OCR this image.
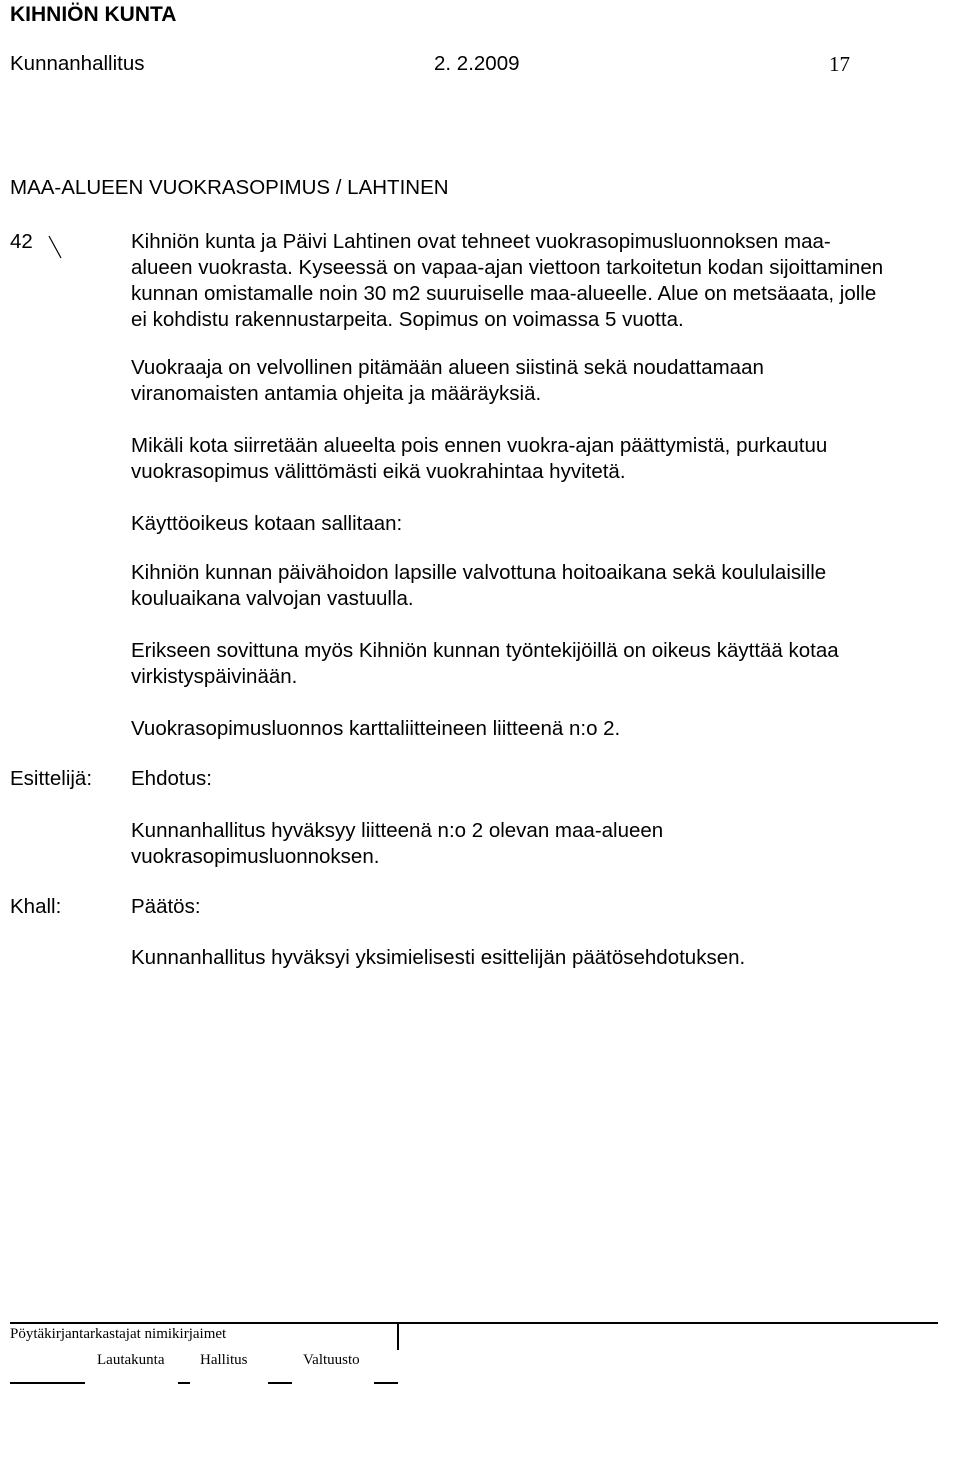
KIHNIÖN KUNTA
Kunnanhallitus	2. 2.2009	17
MAA-ALUEEN VUOKRASOPIMUS / LAHTINEN
42	Kihniön kunta ja Päivi Lahtinen ovat tehneet vuokrasopimusluonnoksen maa-
alueen vuokrasta. Kyseessä on vapaa-ajan viettoon tarkoitetun kodan sijoittaminen
kunnan omistamalle noin 30 m2 suuruiselle maa-alueelle. Alue on metsäaata, jolle
ei kohdistu rakennustarpeita. Sopimus on voimassa 5 vuotta.
Vuokraaja on velvollinen pitämään alueen siistinä sekä noudattamaan
viranomaisten antamia ohjeita ja määräyksiä.
Mikäli kota siirretään alueelta pois ennen vuokra-ajan päättymistä, purkautuu
vuokrasopimus välittömästi eikä vuokrahintaa hyvitetä.
Käyttöoikeus kotaan sallitaan:
Kihniön kunnan päivähoidon lapsille valvottuna hoitoaikana sekä koululaisille
kouluaikana valvojan vastuulla.
Erikseen sovittuna myös Kihniön kunnan työntekijöillä on oikeus käyttää kotaa
virkistyspäivinään.
Vuokrasopimusluonnos karttaliitteineen liitteenä n:o 2.
Esittelijä: Ehdotus:
Kunnanhallitus hyväksyy liitteenä n:o 2 olevan maa-alueen
vuokrasopimusluonnoksen.
Khall:	Päätös:
Kunnanhallitus hyväksyi yksimielisesti esittelijän päätösehdotuksen.
Pöytäkirjantarkastajat nimikirjaimet
Lautakunta Hallitus	Valtuusto
